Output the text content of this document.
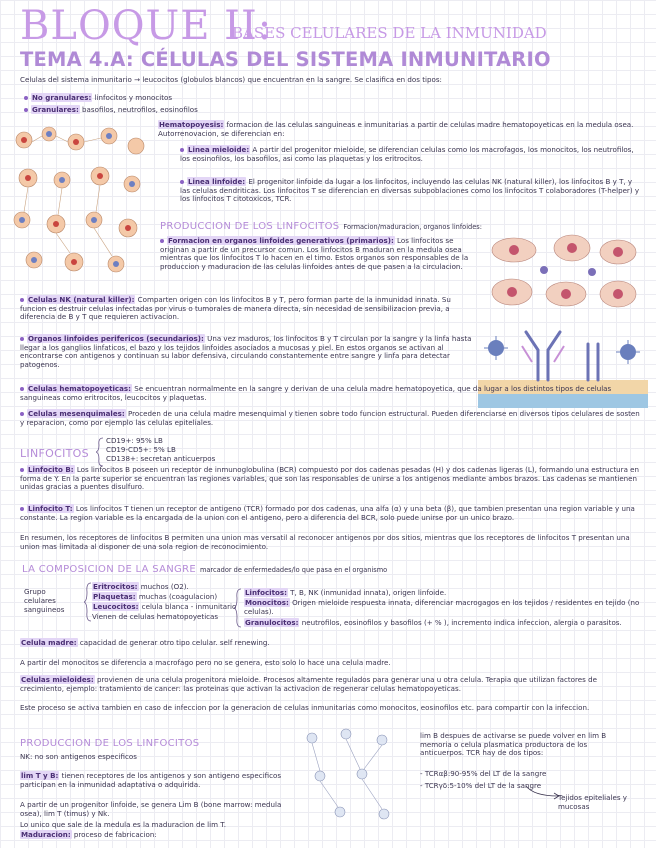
BLOQUE II:
BASES CELULARES DE LA INMUNIDAD
TEMA 4.A: CÉLULAS DEL SISTEMA INMUNITARIO
Celulas del sistema inmunitario → leucocitos (globulos blancos) que encuentran en la sangre. Se clasifica en dos tipos:
No granulares: linfocitos y monocitos
Granulares: basofilos, neutrofilos, eosinofilos
Hematopoyesis: formacion de las celulas sanguineas e inmunitarias a partir de celulas madre hematopoyeticas en la medula osea. Autorrenovacion, se diferencian en:
Linea mieloide: A partir del progenitor mieloide, se diferencian celulas como los macrofagos, los monocitos, los neutrofilos, los eosinofilos, los basofilos, asi como las plaquetas y los eritrocitos.
Linea linfoide: El progenitor linfoide da lugar a los linfocitos, incluyendo las celulas NK (natural killer), los linfocitos B y T, y las celulas dendriticas. Los linfocitos T se diferencian en diversas subpoblaciones como los linfocitos T colaboradores (T-helper) y los linfocitos T citotoxicos, TCR.
PRODUCCION DE LOS LINFOCITOS Formacion/maduracion, organos linfoides:
Formacion en organos linfoides generativos (primarios): Los linfocitos se originan a partir de un precursor comun. Los linfocitos B maduran en la medula osea mientras que los linfocitos T lo hacen en el timo. Estos organos son responsables de la produccion y maduracion de las celulas linfoides antes de que pasen a la circulacion.
Celulas NK (natural killer): Comparten origen con los linfocitos B y T, pero forman parte de la inmunidad innata. Su funcion es destruir celulas infectadas por virus o tumorales de manera directa, sin necesidad de sensibilizacion previa, a diferencia de B y T que requieren activacion.
Organos linfoides perifericos (secundarios): Una vez maduros, los linfocitos B y T circulan por la sangre y la linfa hasta llegar a los ganglios linfaticos, el bazo y los tejidos linfoides asociados a mucosas y piel. En estos organos se activan al encontrarse con antigenos y continuan su labor defensiva, circulando constantemente entre sangre y linfa para detectar patogenos.
Celulas hematopoyeticas: Se encuentran normalmente en la sangre y derivan de una celula madre hematopoyetica, que da lugar a los distintos tipos de celulas sanguineas como eritrocitos, leucocitos y plaquetas.
Celulas mesenquimales: Proceden de una celula madre mesenquimal y tienen sobre todo funcion estructural. Pueden diferenciarse en diversos tipos celulares de sosten y reparacion, como por ejemplo las celulas epiteliales.
LINFOCITOS
CD19+: 95% LB
CD19-CD5+: 5% LB
CD138+: secretan anticuerpos
Linfocito B: Los linfocitos B poseen un receptor de inmunoglobulina (BCR) compuesto por dos cadenas pesadas (H) y dos cadenas ligeras (L), formando una estructura en forma de Y. En la parte superior se encuentran las regiones variables, que son las responsables de unirse a los antigenos mediante ambos brazos. Las cadenas se mantienen unidas gracias a puentes disulfuro.
Linfocito T: Los linfocitos T tienen un receptor de antigeno (TCR) formado por dos cadenas, una alfa (α) y una beta (β), que tambien presentan una region variable y una constante. La region variable es la encargada de la union con el antigeno, pero a diferencia del BCR, solo puede unirse por un unico brazo.
En resumen, los receptores de linfocitos B permiten una union mas versatil al reconocer antigenos por dos sitios, mientras que los receptores de linfocitos T presentan una union mas limitada al disponer de una sola region de reconocimiento.
LA COMPOSICION DE LA SANGRE marcador de enfermedades/lo que pasa en el organismo
Grupo
celulares
sanguineos
Eritrocitos: muchos (O2).
Plaquetas: muchas (coagulacion)
Leucocitos: celula blanca - inmunitario
Vienen de celulas hematopoyeticas
Linfocitos: T, B, NK (inmunidad innata), origen linfoide.
Monocitos: Origen mieloide respuesta innata, diferenciar macrogagos en los tejidos / residentes en tejido (no celulas).
Granulocitos: neutrofilos, eosinofilos y basofilos (+ % ), incremento indica infeccion, alergia o parasitos.
Celula madre: capacidad de generar otro tipo celular. self renewing.
A partir del monocitos se diferencia a macrofago pero no se genera, esto solo lo hace una celula madre.
Celulas mieloides: provienen de una celula progenitora mieloide. Procesos altamente regulados para generar una u otra celula. Terapia que utilizan factores de crecimiento, ejemplo: tratamiento de cancer: las proteinas que activan la activacion de regenerar celulas hematopoyeticas.
Este proceso se activa tambien en caso de infeccion por la generacion de celulas inmunitarias como monocitos, eosinofilos etc. para compartir con la infeccion.
PRODUCCION DE LOS LINFOCITOS
NK: no son antigenos especificos
lim T y B: tienen receptores de los antigenos y son antigeno especificos participan en la inmunidad adaptativa o adquirida.
A partir de un progenitor linfoide, se genera Lim B (bone marrow: medula osea), lim T (timus) y Nk.
Lo unico que sale de la medula es la maduracion de lim T.
Maduracion: proceso de fabricacion:
lim B despues de activarse se puede volver en lim B memoria o celula plasmatica productora de los anticuerpos. TCR hay de dos tipos:
- TCRαβ:90-95% del LT de la sangre
- TCRγδ:5-10% del LT de la sangre
Tejidos epiteliales y mucosas
